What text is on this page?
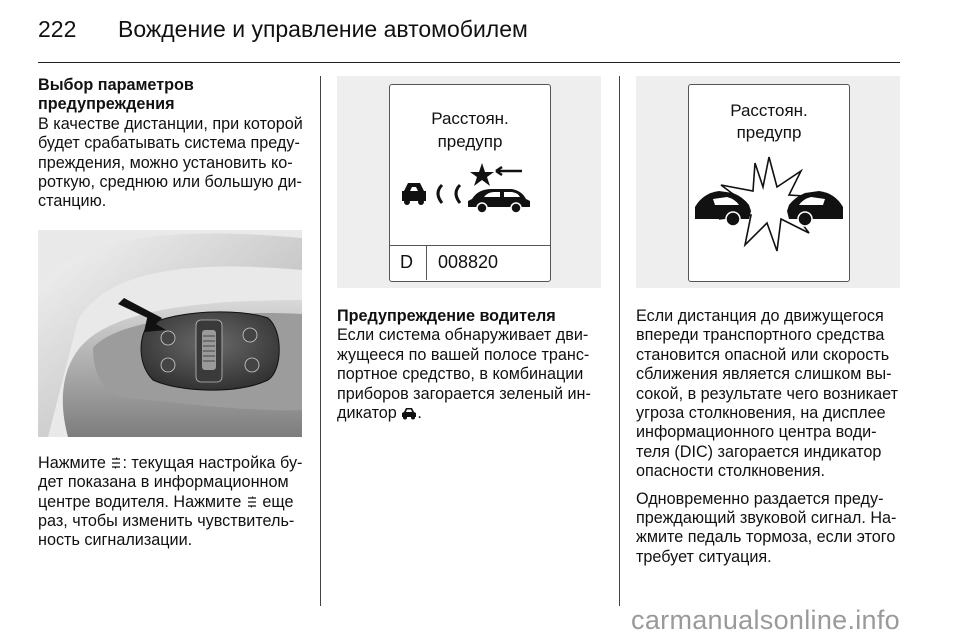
222 Вождение и управление автомобилем

Выбор параметров
предупреждения

В качестве дистанции, при которой
будет срабатывать система преду-
преждения, можно установить ко-
роткую, среднюю или большую ди-
станцию.

Нажмите : текущая настройка бу-
дет показана в информационном
центре водителя. Нажмите  еще
раз, чтобы изменить чувствитель-
ность сигнализации.

Расстоян.
предупр
D 008820

Предупреждение водителя

Если система обнаруживает дви-
жущееся по вашей полосе транс-
портное средство, в комбинации
приборов загорается зеленый ин-
дикатор .

Расстоян.
предупр

Если дистанция до движущегося
впереди транспортного средства
становится опасной или скорость
сближения является слишком вы-
сокой, в результате чего возникает
угроза столкновения, на дисплее
информационного центра води-
теля (DIC) загорается индикатор
опасности столкновения.

Одновременно раздается преду-
преждающий звуковой сигнал. На-
жмите педаль тормоза, если этого
требует ситуация.

carmanualsonline.info
